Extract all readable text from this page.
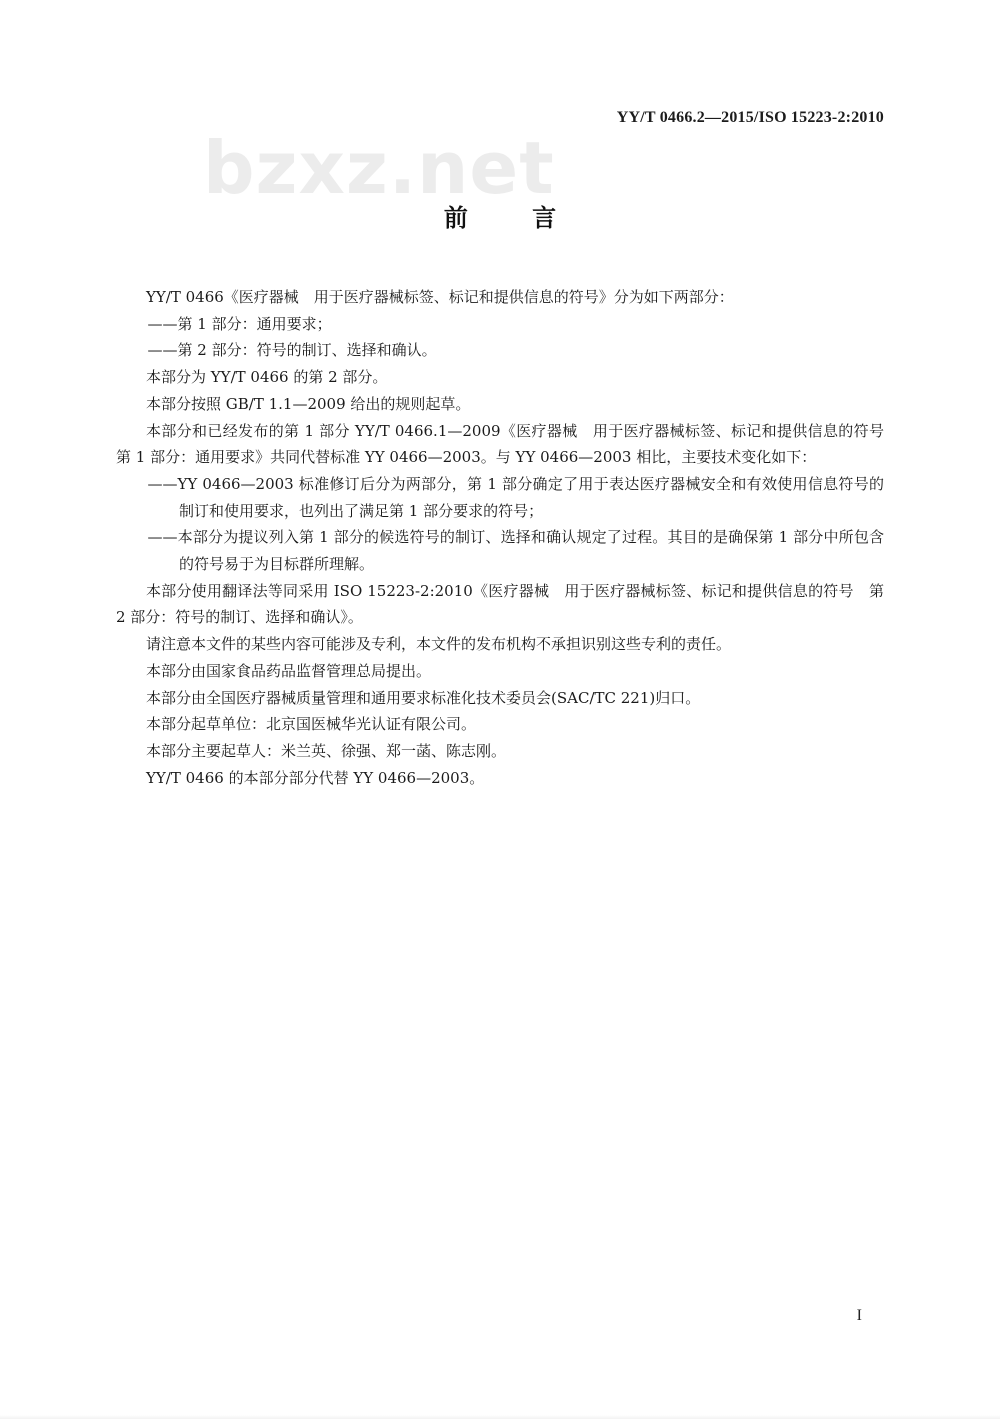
YY/T 0466.2—2015/ISO 15223-2:2010
bzxz.net
前 言

YY/T 0466《医疗器械　用于医疗器械标签、标记和提供信息的符号》分为如下两部分：

——第 1 部分：通用要求；

——第 2 部分：符号的制订、选择和确认。

本部分为 YY/T 0466 的第 2 部分。

本部分按照 GB/T 1.1—2009 给出的规则起草。

本部分和已经发布的第 1 部分 YY/T 0466.1—2009《医疗器械　用于医疗器械标签、标记和提供信息的符号　第 1 部分：通用要求》共同代替标准 YY 0466—2003。与 YY 0466—2003 相比，主要技术变化如下：

——YY 0466—2003 标准修订后分为两部分，第 1 部分确定了用于表达医疗器械安全和有效使用信息符号的制订和使用要求，也列出了满足第 1 部分要求的符号；

——本部分为提议列入第 1 部分的候选符号的制订、选择和确认规定了过程。其目的是确保第 1 部分中所包含的符号易于为目标群所理解。

本部分使用翻译法等同采用 ISO 15223-2:2010《医疗器械　用于医疗器械标签、标记和提供信息的符号　第 2 部分：符号的制订、选择和确认》。

请注意本文件的某些内容可能涉及专利，本文件的发布机构不承担识别这些专利的责任。

本部分由国家食品药品监督管理总局提出。

本部分由全国医疗器械质量管理和通用要求标准化技术委员会(SAC/TC 221)归口。

本部分起草单位：北京国医械华光认证有限公司。

本部分主要起草人：米兰英、徐强、郑一菡、陈志刚。

YY/T 0466 的本部分部分代替 YY 0466—2003。

I
